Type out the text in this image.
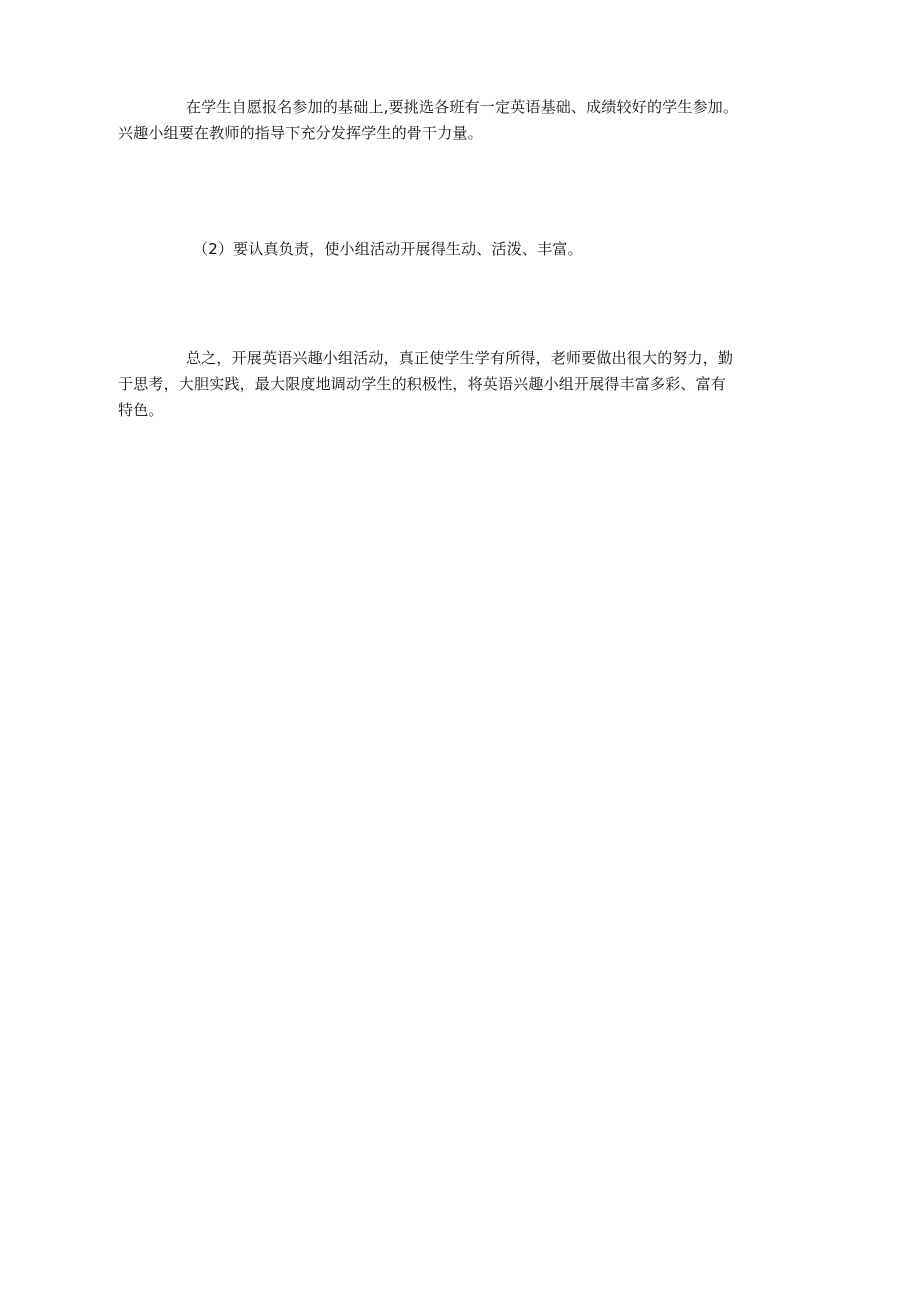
在学生自愿报名参加的基础上,要挑选各班有一定英语基础、成绩较好的学生参加。
兴趣小组要在教师的指导下充分发挥学生的骨干力量。
（2）要认真负责，使小组活动开展得生动、活泼、丰富。
总之，开展英语兴趣小组活动，真正使学生学有所得，老师要做出很大的努力，勤
于思考，大胆实践，最大限度地调动学生的积极性，将英语兴趣小组开展得丰富多彩、富有
特色。
